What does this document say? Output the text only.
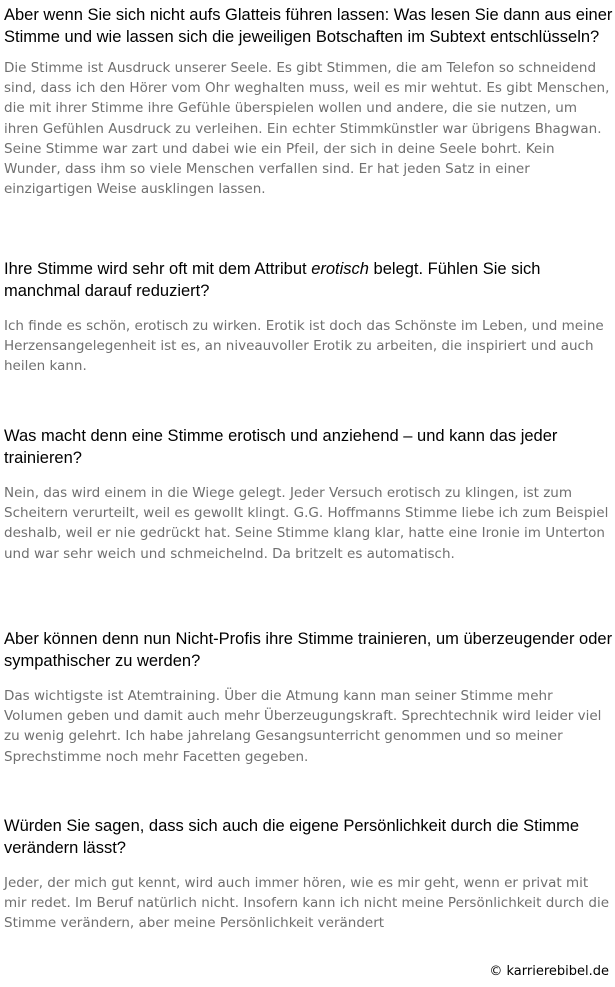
Aber wenn Sie sich nicht aufs Glatteis führen lassen: Was lesen Sie dann aus einer Stimme und wie lassen sich die jeweiligen Botschaften im Subtext entschlüsseln?

Die Stimme ist Ausdruck unserer Seele. Es gibt Stimmen, die am Telefon so schneidend sind, dass ich den Hörer vom Ohr weghalten muss, weil es mir wehtut. Es gibt Menschen, die mit ihrer Stimme ihre Gefühle überspielen wollen und andere, die sie nutzen, um ihren Gefühlen Ausdruck zu verleihen. Ein echter Stimmkünstler war übrigens Bhagwan. Seine Stimme war zart und dabei wie ein Pfeil, der sich in deine Seele bohrt. Kein Wunder, dass ihm so viele Menschen verfallen sind. Er hat jeden Satz in einer einzigartigen Weise ausklingen lassen.

Ihre Stimme wird sehr oft mit dem Attribut erotisch belegt. Fühlen Sie sich manchmal darauf reduziert?

Ich finde es schön, erotisch zu wirken. Erotik ist doch das Schönste im Leben, und meine Herzensangelegenheit ist es, an niveauvoller Erotik zu arbeiten, die inspiriert und auch heilen kann.

Was macht denn eine Stimme erotisch und anziehend – und kann das jeder trainieren?

Nein, das wird einem in die Wiege gelegt. Jeder Versuch erotisch zu klingen, ist zum Scheitern verurteilt, weil es gewollt klingt. G.G. Hoffmanns Stimme liebe ich zum Beispiel deshalb, weil er nie gedrückt hat. Seine Stimme klang klar, hatte eine Ironie im Unterton und war sehr weich und schmeichelnd. Da britzelt es automatisch.

Aber können denn nun Nicht-Profis ihre Stimme trainieren, um überzeugender oder sympathischer zu werden?

Das wichtigste ist Atemtraining. Über die Atmung kann man seiner Stimme mehr Volumen geben und damit auch mehr Überzeugungskraft. Sprechtechnik wird leider viel zu wenig gelehrt. Ich habe jahrelang Gesangsunterricht genommen und so meiner Sprechstimme noch mehr Facetten gegeben.

Würden Sie sagen, dass sich auch die eigene Persönlichkeit durch die Stimme verändern lässt?

Jeder, der mich gut kennt, wird auch immer hören, wie es mir geht, wenn er privat mit mir redet. Im Beruf natürlich nicht. Insofern kann ich nicht meine Persönlichkeit durch die Stimme verändern, aber meine Persönlichkeit verändert

© karrierebibel.de
